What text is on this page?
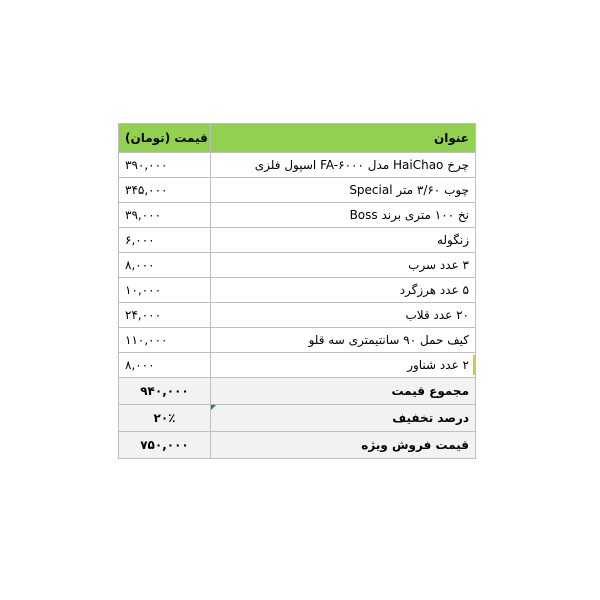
قیمت (تومان)	عنوان
۳۹۰,۰۰۰	چرخ HaiChao مدل FA-۶۰۰۰ اسپول فلزی
۳۴۵,۰۰۰	چوب ۳/۶۰ متر Special
۳۹,۰۰۰	نخ ۱۰۰ متری برند Boss
۶,۰۰۰	زنگوله
۸,۰۰۰	۳ عدد سرب
۱۰,۰۰۰	۵ عدد هرزگرد
۲۴,۰۰۰	۲۰ عدد قلاب
۱۱۰,۰۰۰	کیف حمل ۹۰ سانتیمتری سه قلو
۸,۰۰۰	۲ عدد شناور

۹۴۰,۰۰۰	مجموع قیمت
۲۰٪	درصد تخفیف
۷۵۰,۰۰۰	قیمت فروش ویژه
